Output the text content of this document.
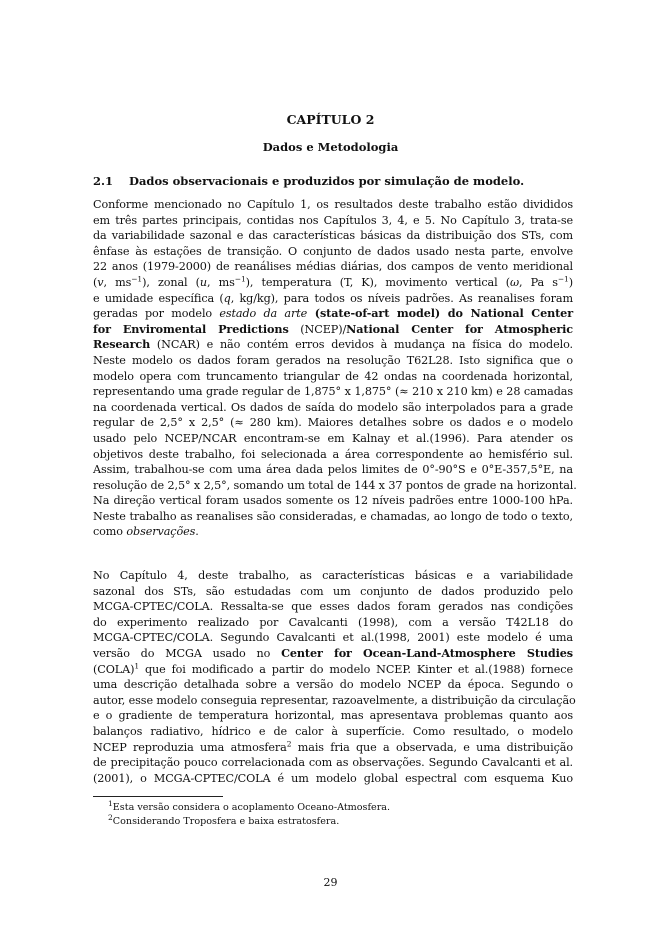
CAPÍTULO 2
Dados e Metodologia
2.1 Dados observacionais e produzidos por simulação de modelo.
Conforme mencionado no Capítulo 1, os resultados deste trabalho estão divididos
em três partes principais, contidas nos Capítulos 3, 4, e 5. No Capítulo 3, trata-se
da variabilidade sazonal e das características básicas da distribuição dos STs, com
ênfase às estações de transição. O conjunto de dados usado nesta parte, envolve
22 anos (1979-2000) de reanálises médias diárias, dos campos de vento meridional
(v, $ms^{-1}$), zonal (u, $ms^{-1}$), temperatura (T, K), movimento vertical (ω, Pa $s^{-1}$)
e umidade específica (q, kg/kg), para todos os níveis padrões. As reanalises foram
geradas por modelo estado da arte (state-of-art model) do National Center
for Enviromental Predictions (NCEP)/National Center for Atmospheric
Research (NCAR) e não contém erros devidos à mudança na física do modelo.
Neste modelo os dados foram gerados na resolução T62L28. Isto significa que o
modelo opera com truncamento triangular de 42 ondas na coordenada horizontal,
representando uma grade regular de 1,875° x 1,875° (≈ 210 x 210 km) e 28 camadas
na coordenada vertical. Os dados de saída do modelo são interpolados para a grade
regular de 2,5° x 2,5° (≈ 280 km). Maiores detalhes sobre os dados e o modelo
usado pelo NCEP/NCAR encontram-se em Kalnay et al.(1996). Para atender os
objetivos deste trabalho, foi selecionada a área correspondente ao hemisfério sul.
Assim, trabalhou-se com uma área dada pelos limites de 0°-90°S e 0°E-357,5°E, na
resolução de 2,5° x 2,5°, somando um total de 144 x 37 pontos de grade na horizontal.
Na direção vertical foram usados somente os 12 níveis padrões entre 1000-100 hPa.
Neste trabalho as reanalises são consideradas, e chamadas, ao longo de todo o texto,
como observações.
No Capítulo 4, deste trabalho, as características básicas e a variabilidade
sazonal dos STs, são estudadas com um conjunto de dados produzido pelo
MCGA-CPTEC/COLA. Ressalta-se que esses dados foram gerados nas condições
do experimento realizado por Cavalcanti (1998), com a versão T42L18 do
MCGA-CPTEC/COLA. Segundo Cavalcanti et al.(1998, 2001) este modelo é uma
versão do MCGA usado no Center for Ocean-Land-Atmosphere Studies
(COLA)$^1$ que foi modificado a partir do modelo NCEP. Kinter et al.(1988) fornece
uma descrição detalhada sobre a versão do modelo NCEP da época. Segundo o
autor, esse modelo conseguia representar, razoavelmente, a distribuição da circulação
e o gradiente de temperatura horizontal, mas apresentava problemas quanto aos
balanços radiativo, hídrico e de calor à superfície. Como resultado, o modelo
NCEP reproduzia uma atmosfera$^2$ mais fria que a observada, e uma distribuição
de precipitação pouco correlacionada com as observações. Segundo Cavalcanti et al.
(2001), o MCGA-CPTEC/COLA é um modelo global espectral com esquema Kuo
$^1$Esta versão considera o acoplamento Oceano-Atmosfera.
$^2$Considerando Troposfera e baixa estratosfera.
29
